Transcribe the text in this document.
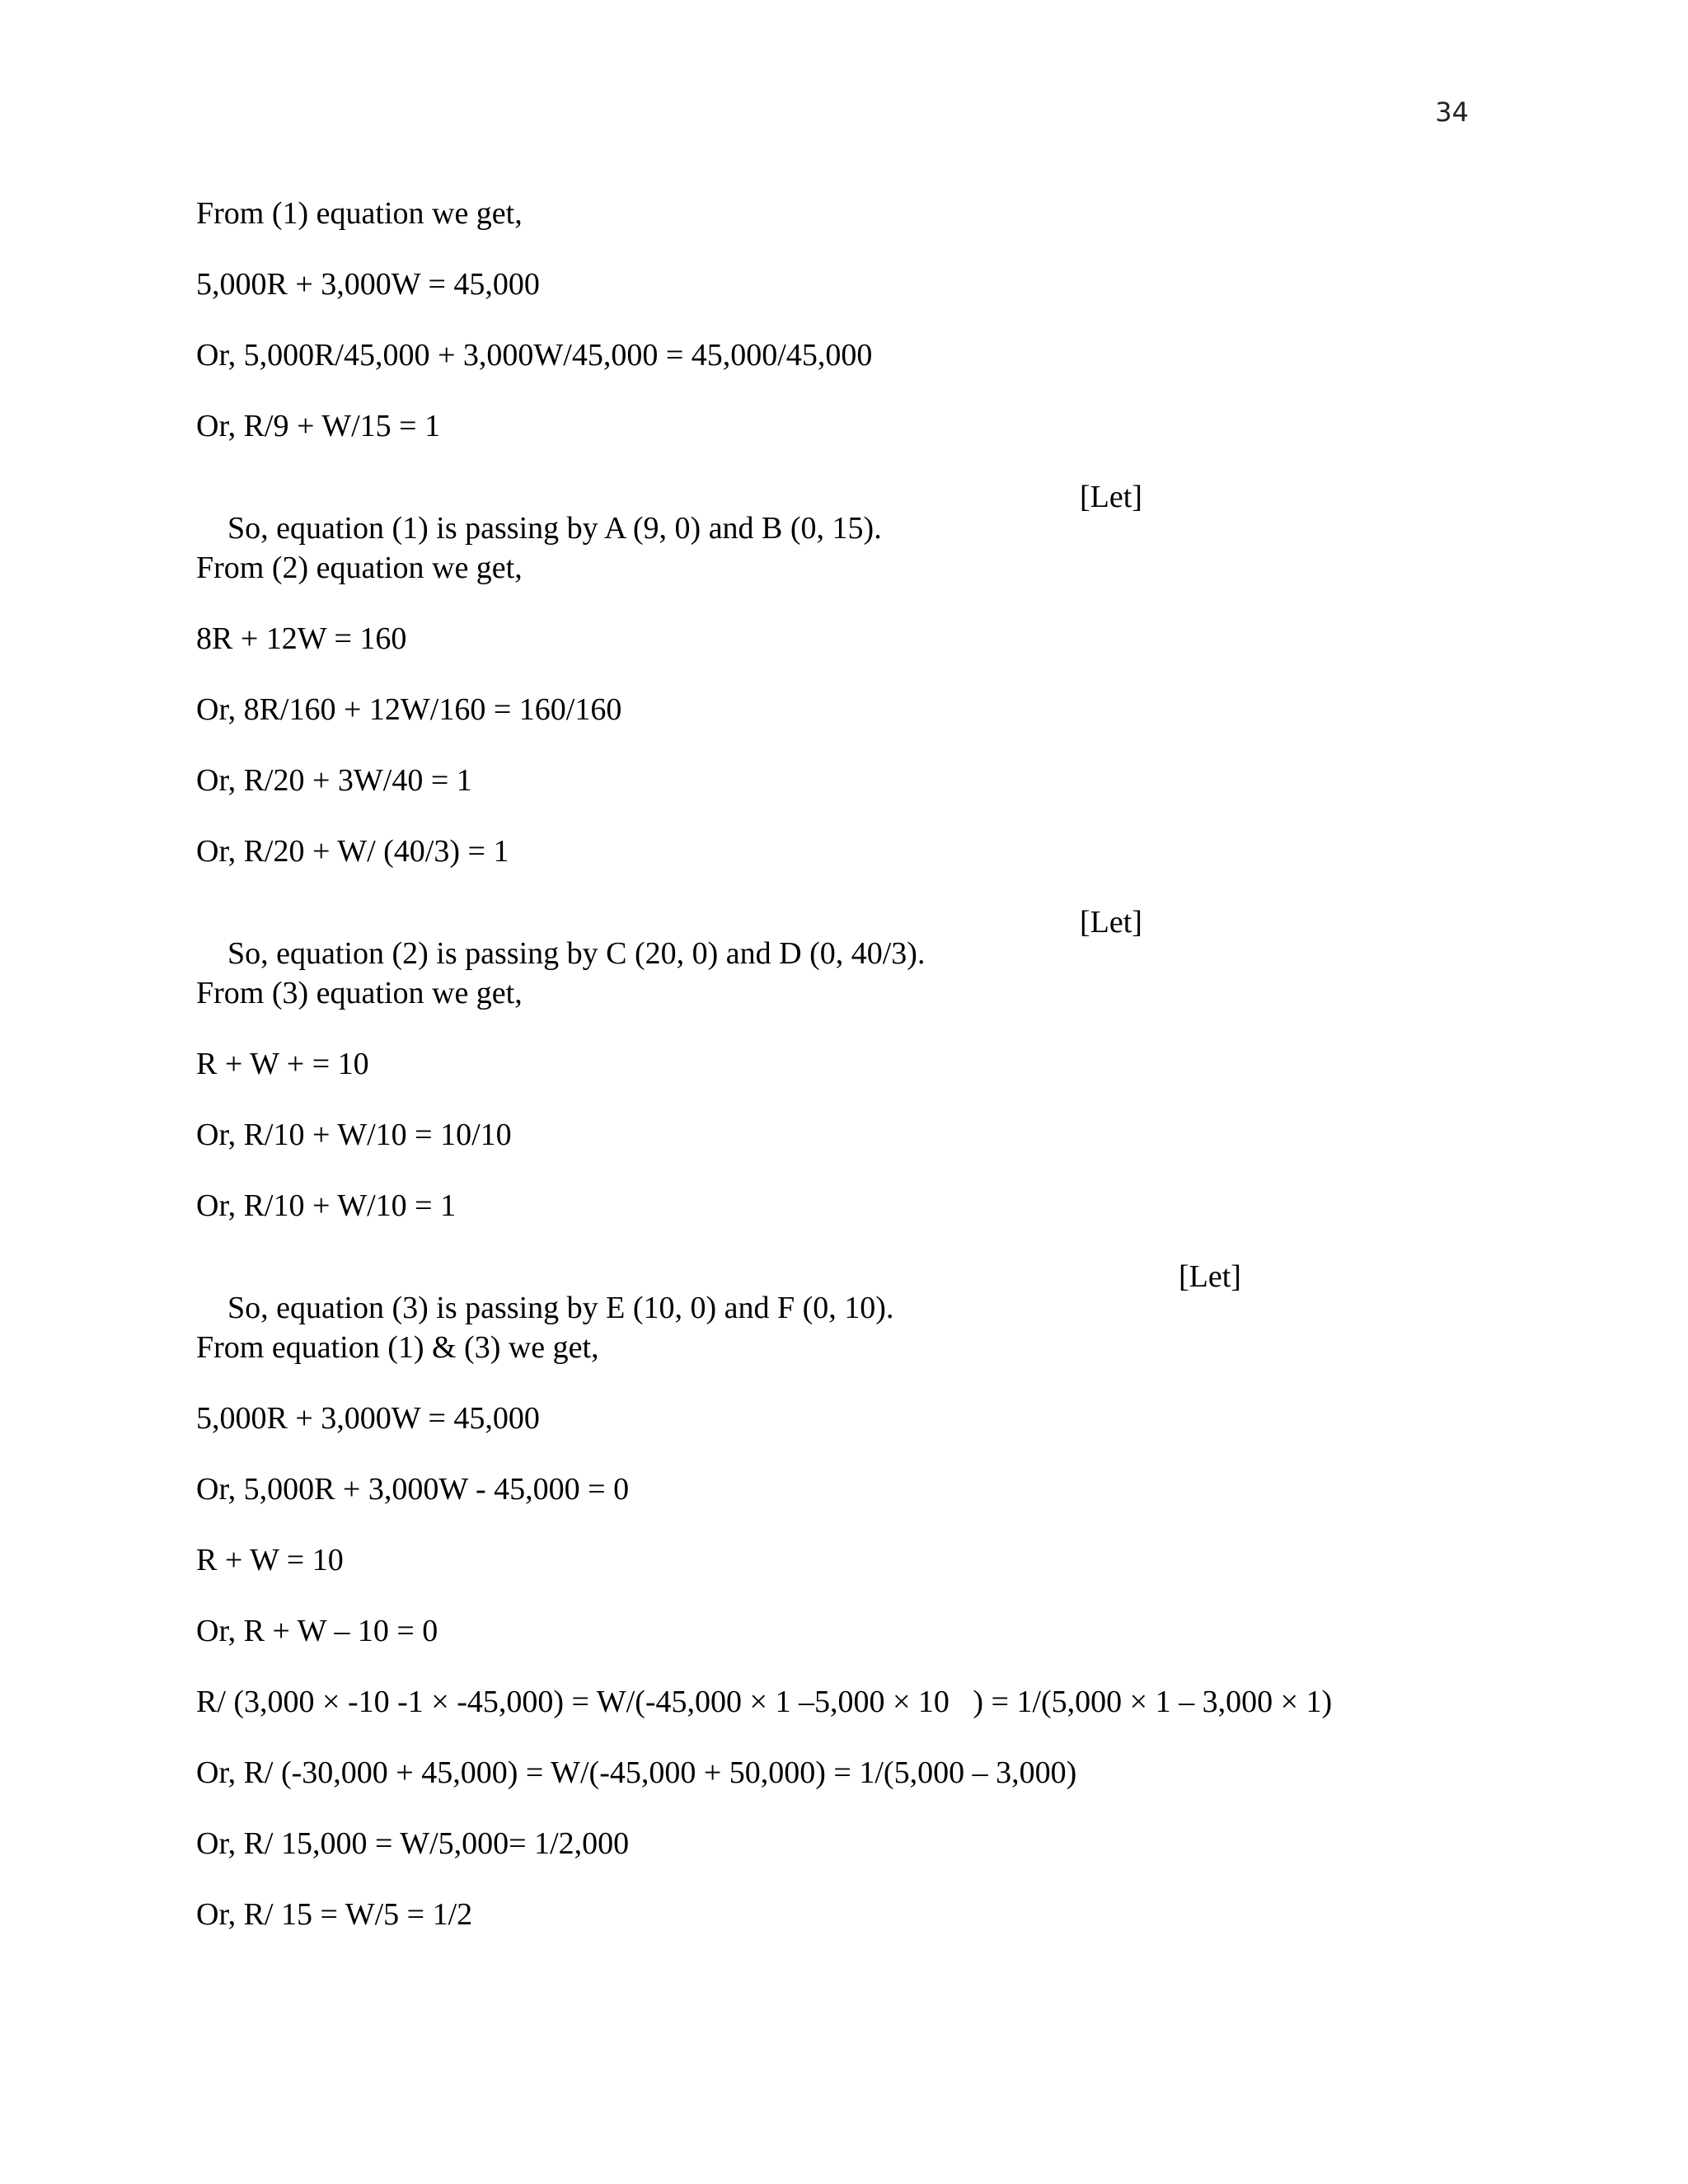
34
From (1) equation we get,
5,000R + 3,000W = 45,000
Or, 5,000R/45,000 + 3,000W/45,000 = 45,000/45,000
Or, R/9 + W/15 = 1

So, equation (1) is passing by A (9, 0) and B (0, 15).

[Let]

From (2) equation we get,
8R + 12W = 160
Or, 8R/160 + 12W/160 = 160/160
Or, R/20 + 3W/40 = 1
Or, R/20 + W/ (40/3) = 1

So, equation (2) is passing by C (20, 0) and D (0, 40/3).

[Let]

From (3) equation we get,
R + W + = 10
Or, R/10 + W/10 = 10/10
Or, R/10 + W/10 = 1

So, equation (3) is passing by E (10, 0) and F (0, 10).

[Let]

From equation (1) & (3) we get,
5,000R + 3,000W = 45,000
Or, 5,000R + 3,000W - 45,000 = 0
R + W = 10
Or, R + W – 10 = 0
R/ (3,000 × -10 -1 × -45,000) = W/(-45,000 × 1 –5,000 × 10   ) = 1/(5,000 × 1 – 3,000 × 1)
Or, R/ (-30,000 + 45,000) = W/(-45,000 + 50,000) = 1/(5,000 – 3,000)
Or, R/ 15,000 = W/5,000= 1/2,000
Or, R/ 15 = W/5 = 1/2
